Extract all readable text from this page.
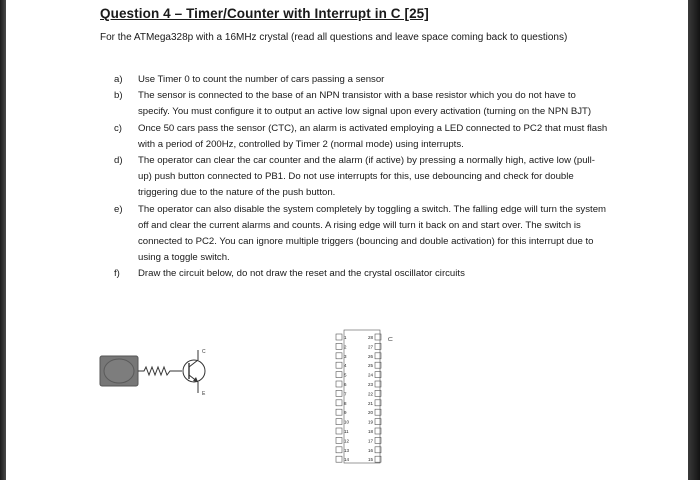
Question 4 – Timer/Counter with Interrupt in C [25]
For the ATMega328p with a 16MHz crystal (read all questions and leave space coming back to questions)
a) Use Timer 0 to count the number of cars passing a sensor
b) The sensor is connected to the base of an NPN transistor with a base resistor which you do not have to specify. You must configure it to output an active low signal upon every activation (turning on the NPN BJT)
c) Once 50 cars pass the sensor (CTC), an alarm is activated employing a LED connected to PC2 that must flash with a period of 200Hz, controlled by Timer 2 (normal mode) using interrupts.
d) The operator can clear the car counter and the alarm (if active) by pressing a normally high, active low (pull-up) push button connected to PB1. Do not use interrupts for this, use debouncing and check for double triggering due to the nature of the push button.
e) The operator can also disable the system completely by toggling a switch. The falling edge will turn the system off and clear the current alarms and counts. A rising edge will turn it back on and start over. The switch is connected to PC2. You can ignore multiple triggers (bouncing and double activation) for this interrupt due to using a toggle switch.
f) Draw the circuit below, do not draw the reset and the crystal oscillator circuits
C
E
U
1
2
3
4
5
6
7
8
9
10
11
12
13
14
28
27
26
25
24
23
22
21
20
19
18
17
16
15
